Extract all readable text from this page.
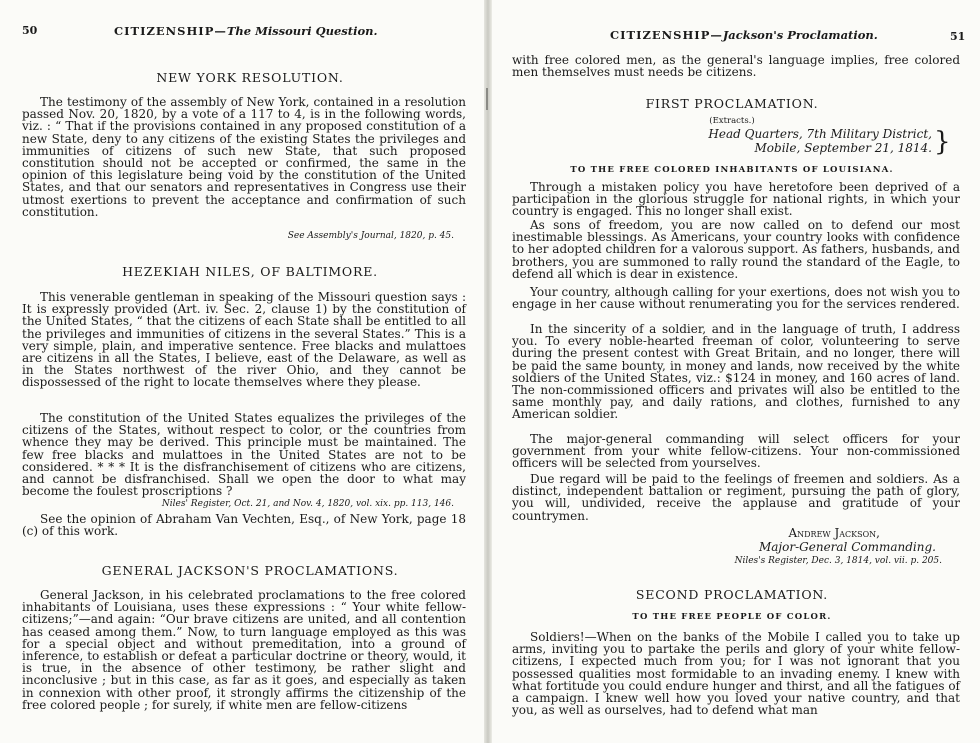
50	CITIZENSHIP—The Missouri Question.
NEW YORK RESOLUTION.

The testimony of the assembly of New York, contained in a resolution passed Nov. 20, 1820, by a vote of a 117 to 4, is in the following words, viz. : “ That if the provisions contained in any proposed constitution of a new State, deny to any citizens of the existing States the privileges and immunities of citizens of such new State, that such proposed constitution should not be accepted or confirmed, the same in the opinion of this legislature being void by the constitution of the United States, and that our senators and representatives in Congress use their utmost exertions to prevent the acceptance and confirmation of such constitution.

See Assembly's Journal, 1820, p. 45.
HEZEKIAH NILES, OF BALTIMORE.

This venerable gentleman in speaking of the Missouri question says : It is expressly provided (Art. iv. Sec. 2, clause 1) by the constitution of the United States, “ that the citizens of each State shall be entitled to all the privileges and immunities of citizens in the several States.” This is a very simple, plain, and imperative sentence. Free blacks and mulattoes are citizens in all the States, I believe, east of the Delaware, as well as in the States northwest of the river Ohio, and they cannot be dispossessed of the right to locate themselves where they please.

The constitution of the United States equalizes the privileges of the citizens of the States, without respect to color, or the countries from whence they may be derived. This principle must be maintained. The few free blacks and mulattoes in the United States are not to be considered. * * * It is the disfranchisement of citizens who are citizens, and cannot be disfranchised. Shall we open the door to what may become the foulest proscriptions ?

Niles' Register, Oct. 21, and Nov. 4, 1820, vol. xix. pp. 113, 146.

See the opinion of Abraham Van Vechten, Esq., of New York, page 18 (c) of this work.

GENERAL JACKSON'S PROCLAMATIONS.

General Jackson, in his celebrated proclamations to the free colored inhabitants of Louisiana, uses these expressions : “ Your white fellow-citizens;”—and again: “Our brave citizens are united, and all contention has ceased among them.” Now, to turn language employed as this was for a special object and without premeditation, into a ground of inference, to establish or defeat a particular doctrine or theory, would, it is true, in the absence of other testimony, be rather slight and inconclusive ; but in this case, as far as it goes, and especially as taken in connexion with other proof, it strongly affirms the citizenship of the free colored people ; for surely, if white men are fellow-citizens

CITIZENSHIP—Jackson's Proclamation.	51

with free colored men, as the general's language implies, free colored men themselves must needs be citizens.

FIRST PROCLAMATION.
(Extracts.)
Head Quarters, 7th Military District,
Mobile, September 21, 1814. }
TO THE FREE COLORED INHABITANTS OF LOUISIANA.

Through a mistaken policy you have heretofore been deprived of a participation in the glorious struggle for national rights, in which your country is engaged. This no longer shall exist.

As sons of freedom, you are now called on to defend our most inestimable blessings. As Americans, your country looks with confidence to her adopted children for a valorous support. As fathers, husbands, and brothers, you are summoned to rally round the standard of the Eagle, to defend all which is dear in existence.

Your country, although calling for your exertions, does not wish you to engage in her cause without renumerating you for the services rendered.

In the sincerity of a soldier, and in the language of truth, I address you. To every noble-hearted freeman of color, volunteering to serve during the present contest with Great Britain, and no longer, there will be paid the same bounty, in money and lands, now received by the white soldiers of the United States, viz.: $124 in money, and 160 acres of land. The non-commissioned officers and privates will also be entitled to the same monthly pay, and daily rations, and clothes, furnished to any American soldier.

The major-general commanding will select officers for your government from your white fellow-citizens. Your non-commissioned officers will be selected from yourselves.

Due regard will be paid to the feelings of freemen and soldiers. As a distinct, independent battalion or regiment, pursuing the path of glory, you will, undivided, receive the applause and gratitude of your countrymen.

Andrew Jackson,
Major-General Commanding.
Niles's Register, Dec. 3, 1814, vol. vii. p. 205.
SECOND PROCLAMATION.
TO THE FREE PEOPLE OF COLOR.

Soldiers!—When on the banks of the Mobile I called you to take up arms, inviting you to partake the perils and glory of your white fellow-citizens, I expected much from you; for I was not ignorant that you possessed qualities most formidable to an invading enemy. I knew with what fortitude you could endure hunger and thirst, and all the fatigues of a campaign. I knew well how you loved your native country, and that you, as well as ourselves, had to defend what man
